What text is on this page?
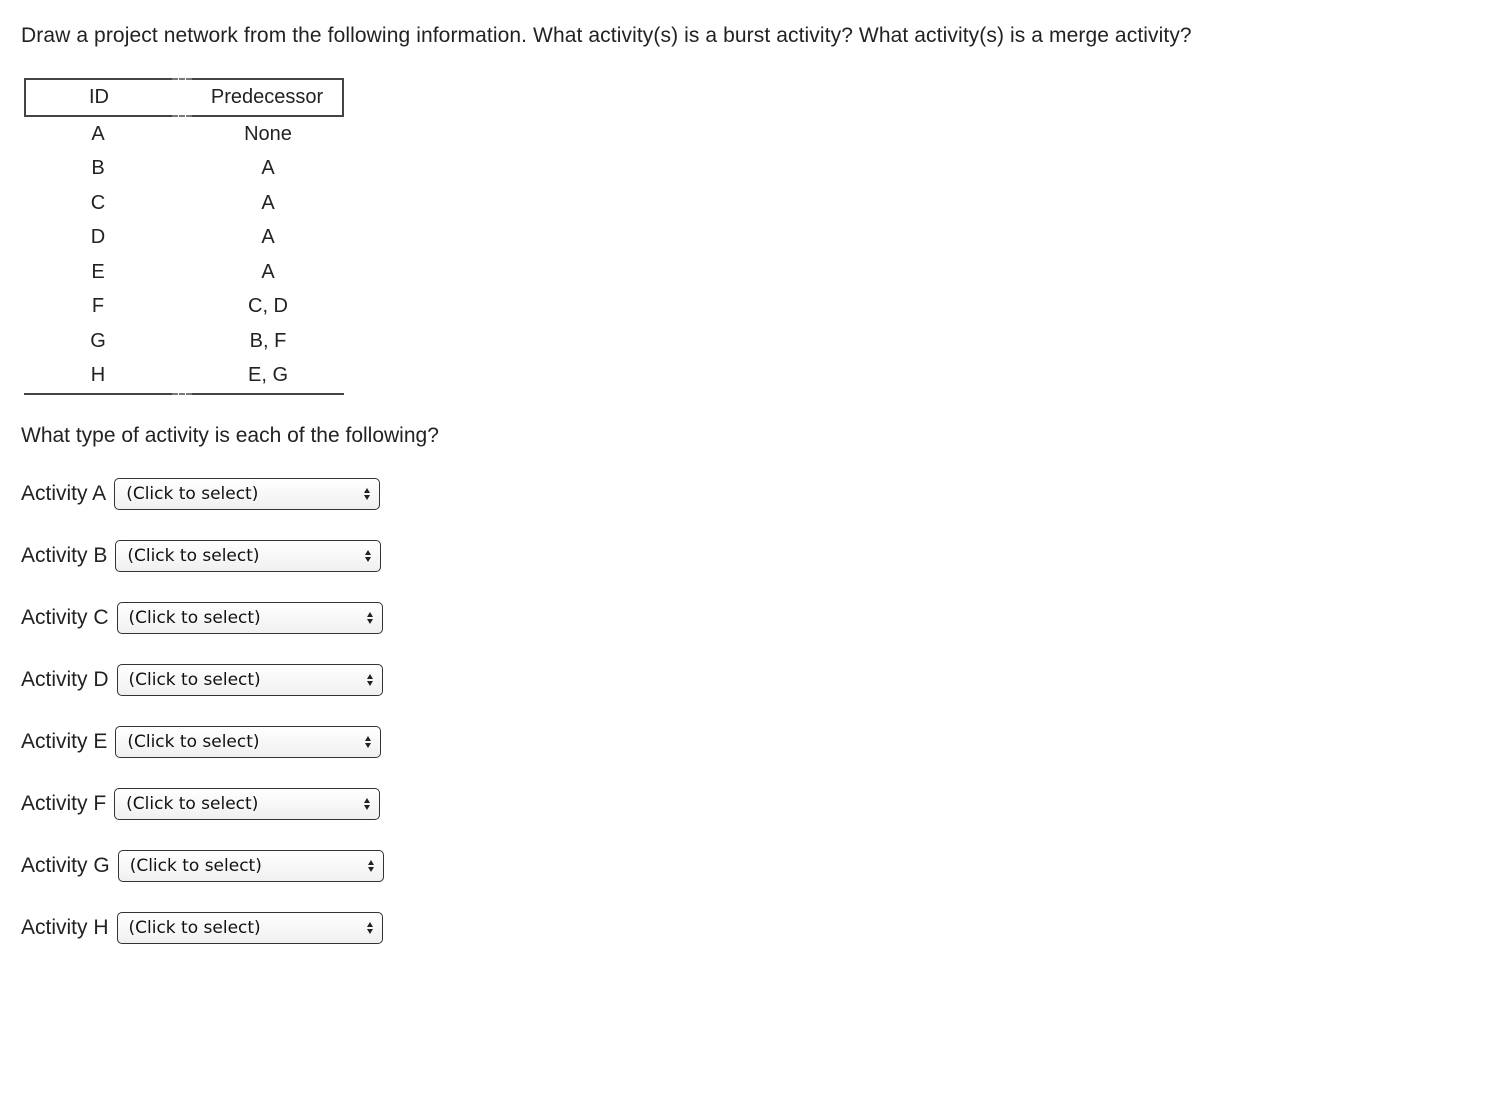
Draw a project network from the following information. What activity(s) is a burst activity? What activity(s) is a merge activity?
ID		Predecessor
A		None
B		A
C		A
D		A
E		A
F		C, D
G		B, F
H		E, G
What type of activity is each of the following?
Activity A (Click to select)
Activity B (Click to select)
Activity C (Click to select)
Activity D (Click to select)
Activity E (Click to select)
Activity F (Click to select)
Activity G (Click to select)
Activity H (Click to select)
